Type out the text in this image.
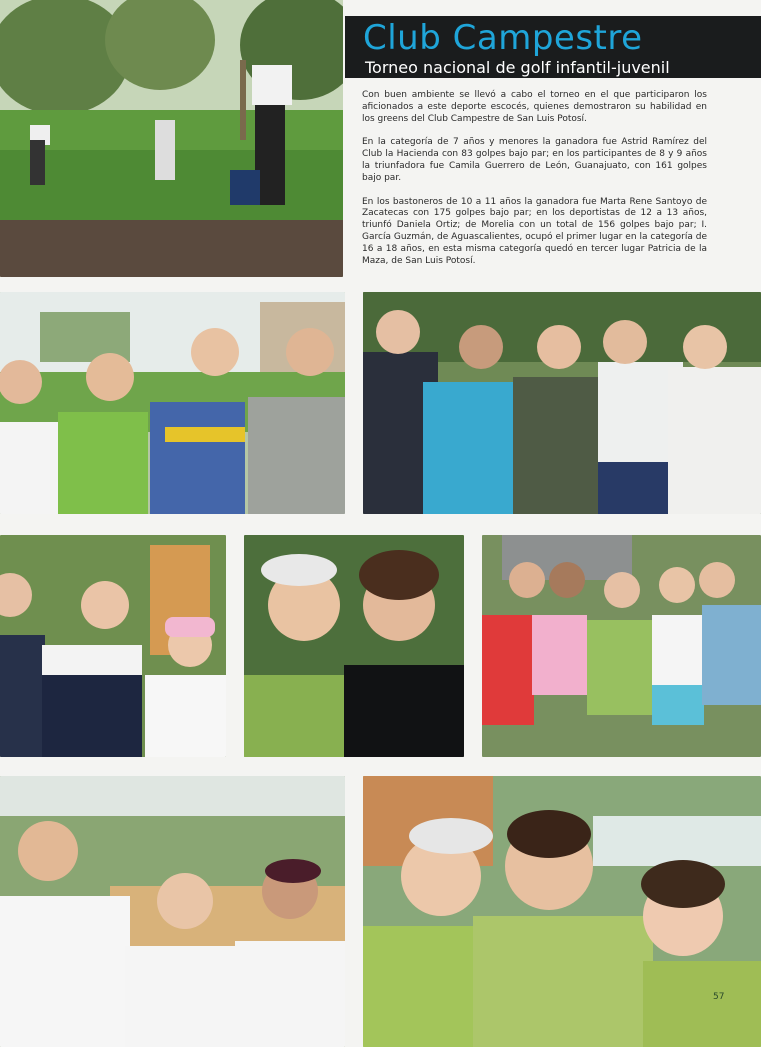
Club Campestre
Torneo nacional de golf infantil-juvenil

Con buen ambiente se llevó a cabo el torneo en el que participaron los aficionados a este deporte escocés, quienes demostraron su habilidad en los greens del Club Campestre de San Luis Potosí.

En la categoría de 7 años y menores la ganadora fue Astrid Ramírez del Club la Hacienda con 83 golpes bajo par; en los participantes de 8 y 9 años la triunfadora fue Camila Guerrero de León, Guanajuato, con 161 golpes bajo par.

En los bastoneros de 10 a 11 años la ganadora fue Marta Rene Santoyo de Zacatecas con 175 golpes bajo par; en los deportistas de 12 a 13 años, triunfó Daniela Ortiz; de Morelia con un total de 156 golpes bajo par; I. García Guzmán, de Aguascalientes, ocupó el primer lugar en la categoría de 16 a 18 años, en esta misma categoría quedó en tercer lugar Patricia de la Maza, de San Luis Potosí.

57
